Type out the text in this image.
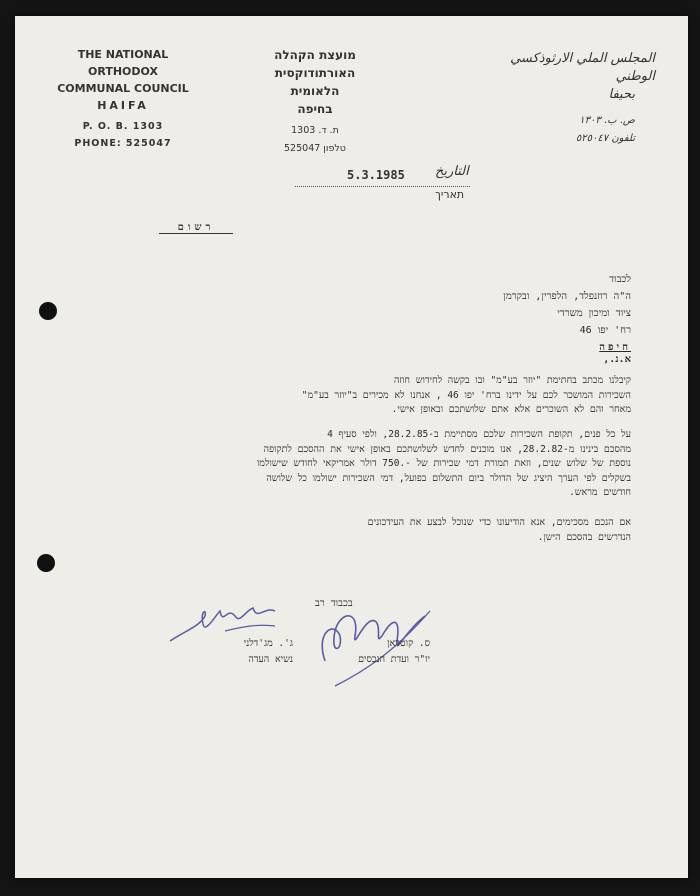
THE NATIONAL ORTHODOX
COMMUNAL COUNCIL
HAIFA
P. O. B. 1303
PHONE: 525047
מועצת הקהלה
האורתודוקסית הלאומית
בחיפה
ת. ד. 1303
טלפון 525047
المجلس الملي الارثوذكسي الوطني
بحيفا
ص. ب. ١٣٠٣
تلفون ٥٢٥٠٤٧
5.3.1985 التاريخ
תאריך
רשום
לכבוד
ה"ה רוזנפלד, הלפרין, ובקרמן
ציוד ומיכון משרדי
רח' יפו 46
חיפה
א.נ.,
קיבלנו מכתב בחתימת "יוזר בע"מ" ובו בקשה לחידוש חוזה
השכירות המושכר לכם על ידינו ברח' יפו 46 , אנחנו לא מכירים ב"יוזר בע"מ"
מאחר והם לא השוכרים אלא אתם שלושתכם ובאופן אישי.
על כל פנים, תקופת השכירות שלכם מסתיימת ב-28.2.85, ולפי סעיף 4
מהסכם בינינו מ-28.2.82, אנו מוכנים לחדש לשלושתכם באופן אישי את ההסכם לתקופה
נוספת של שלוש שנים, וזאת תמורת דמי שכירות של -.750 דולר אמריקאי לחודש שישולמו
בשקלים לפי הערך היציג של הדולר ביום התשלום בפועל, דמי השכירות ישולמו כל שלושה
חודשים מראש.
אם הנכם מסכימים, אנא הודיעונו כדי שנוכל לבצע את העידכונים
הנדרשים בהסכם הישן.
בכבוד רב
ס. קוטראן
יו"ר ועדת הנכסים
ג'. מג'דלני
נשיא העדה
